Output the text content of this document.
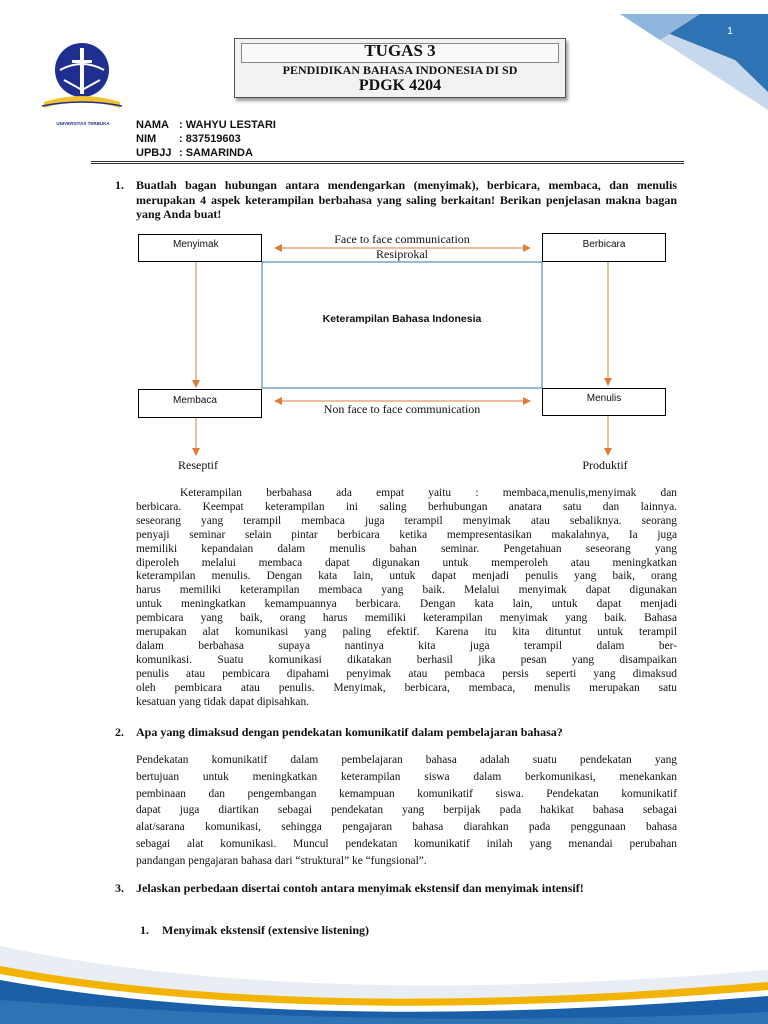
1
UNIVERSITAS TERBUKA
TUGAS 3
PENDIDIKAN BAHASA INDONESIA DI SD
PDGK 4204
NAMA : WAHYU LESTARI
NIM : 837519603
UPBJJ : SAMARINDA
1. Buatlah bagan hubungan antara mendengarkan (menyimak), berbicara, membaca, dan menulis merupakan 4 aspek keterampilan berbahasa yang saling berkaitan! Berikan penjelasan makna bagan yang Anda buat!
Menyimak	Berbicara
Membaca	Menulis
Face to face communication
Resiprokal
Keterampilan Bahasa Indonesia
Non face to face communication
Reseptif	Produktif
Keterampilan berbahasa ada empat yaitu : membaca,menulis,menyimak dan
berbicara. Keempat keterampilan ini saling berhubungan anatara satu dan lainnya.
seseorang yang terampil membaca juga terampil menyimak atau sebaliknya. seorang
penyaji seminar selain pintar berbicara ketika mempresentasikan makalahnya, Ia juga
memiliki kepandaian dalam menulis bahan seminar. Pengetahuan seseorang yang
diperoleh melalui membaca dapat digunakan untuk memperoleh atau meningkatkan
keterampilan menulis. Dengan kata lain, untuk dapat menjadi penulis yang baik, orang
harus memiliki keterampilan membaca yang baik. Melalui menyimak dapat digunakan
untuk meningkatkan kemampuannya berbicara. Dengan kata lain, untuk dapat menjadi
pembicara yang baik, orang harus memiliki keterampilan menyimak yang baik. Bahasa
merupakan alat komunikasi yang paling efektif. Karena itu kita dituntut untuk terampil
dalam berbahasa supaya nantinya kita juga terampil dalam ber-
komunikasi. Suatu komunikasi dikatakan berhasil jika pesan yang disampaikan
penulis atau pembicara dipahami penyimak atau pembaca persis seperti yang dimaksud
oleh pembicara atau penulis. Menyimak, berbicara, membaca, menulis merupakan satu
kesatuan yang tidak dapat dipisahkan.
2. Apa yang dimaksud dengan pendekatan komunikatif dalam pembelajaran bahasa?
Pendekatan komunikatif dalam pembelajaran bahasa adalah suatu pendekatan yang
bertujuan untuk meningkatkan keterampilan siswa dalam berkomunikasi, menekankan
pembinaan dan pengembangan kemampuan komunikatif siswa. Pendekatan komunikatif
dapat juga diartikan sebagai pendekatan yang berpijak pada hakikat bahasa sebagai
alat/sarana komunikasi, sehingga pengajaran bahasa diarahkan pada penggunaan bahasa
sebagai alat komunikasi. Muncul pendekatan komunikatif inilah yang menandai perubahan
pandangan pengajaran bahasa dari “struktural” ke “fungsional”.
3. Jelaskan perbedaan disertai contoh antara menyimak ekstensif dan menyimak intensif!
1. Menyimak ekstensif (extensive listening)
